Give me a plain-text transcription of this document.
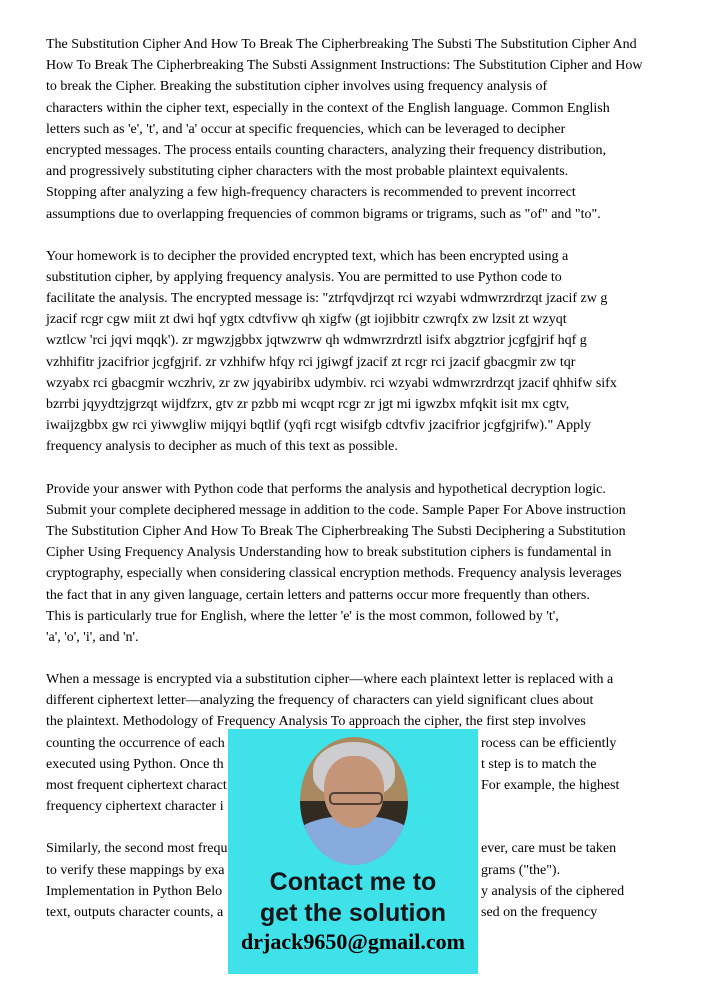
The Substitution Cipher And How To Break The Cipherbreaking The Substi The Substitution Cipher And
How To Break The Cipherbreaking The Substi Assignment Instructions: The Substitution Cipher and How
to break the Cipher. Breaking the substitution cipher involves using frequency analysis of
characters within the cipher text, especially in the context of the English language. Common English
letters such as 'e', 't', and 'a' occur at specific frequencies, which can be leveraged to decipher
encrypted messages. The process entails counting characters, analyzing their frequency distribution,
and progressively substituting cipher characters with the most probable plaintext equivalents.
Stopping after analyzing a few high-frequency characters is recommended to prevent incorrect
assumptions due to overlapping frequencies of common bigrams or trigrams, such as "of" and "to".
Your homework is to decipher the provided encrypted text, which has been encrypted using a
substitution cipher, by applying frequency analysis. You are permitted to use Python code to
facilitate the analysis. The encrypted message is: "ztrfqvdjrzqt rci wzyabi wdmwrzrdrzqt jzacif zw g
jzacif rcgr cgw miit zt dwi hqf ygtx cdtvfivw qh xigfw (gt iojibbitr czwrqfx zw lzsit zt wzyqt
wztlcw 'rci jqvi mqqk'). zr mgwzjgbbx jqtwzwrw qh wdmwrzrdrztl isifx abgztrior jcgfgjrif hqf g
vzhhifitr jzacifrior jcgfgjrif. zr vzhhifw hfqy rci jgiwgf jzacif zt rcgr rci jzacif gbacgmir zw tqr
wzyabx rci gbacgmir wczhriv, zr zw jqyabiribx udymbiv. rci wzyabi wdmwrzrdrzqt jzacif qhhifw sifx
bzrrbi jqyydtzjgrzqt wijdfzrx, gtv zr pzbb mi wcqpt rcgr zr jgt mi igwzbx mfqkit isit mx cgtv,
iwaijzgbbx gw rci yiwwgliw mijqyi bqtlif (yqfi rcgt wisifgb cdtvfiv jzacifrior jcgfgjrifw)." Apply
frequency analysis to decipher as much of this text as possible.
Provide your answer with Python code that performs the analysis and hypothetical decryption logic.
Submit your complete deciphered message in addition to the code. Sample Paper For Above instruction
The Substitution Cipher And How To Break The Cipherbreaking The Substi Deciphering a Substitution
Cipher Using Frequency Analysis Understanding how to break substitution ciphers is fundamental in
cryptography, especially when considering classical encryption methods. Frequency analysis leverages
the fact that in any given language, certain letters and patterns occur more frequently than others.
This is particularly true for English, where the letter 'e' is the most common, followed by 't',
'a', 'o', 'i', and 'n'.
When a message is encrypted via a substitution cipher—where each plaintext letter is replaced with a
different ciphertext letter—analyzing the frequency of characters can yield significant clues about
the plaintext. Methodology of Frequency Analysis To approach the cipher, the first step involves
counting the occurrence of each	rocess can be efficiently
executed using Python. Once th	t step is to match the
most frequent ciphertext charact	For example, the highest
frequency ciphertext character i
Similarly, the second most frequ	ever, care must be taken
to verify these mappings by exa	grams ("the").
Implementation in Python Belo	y analysis of the ciphered
text, outputs character counts, a	sed on the frequency
Contact me to
get the solution
drjack9650@gmail.com
